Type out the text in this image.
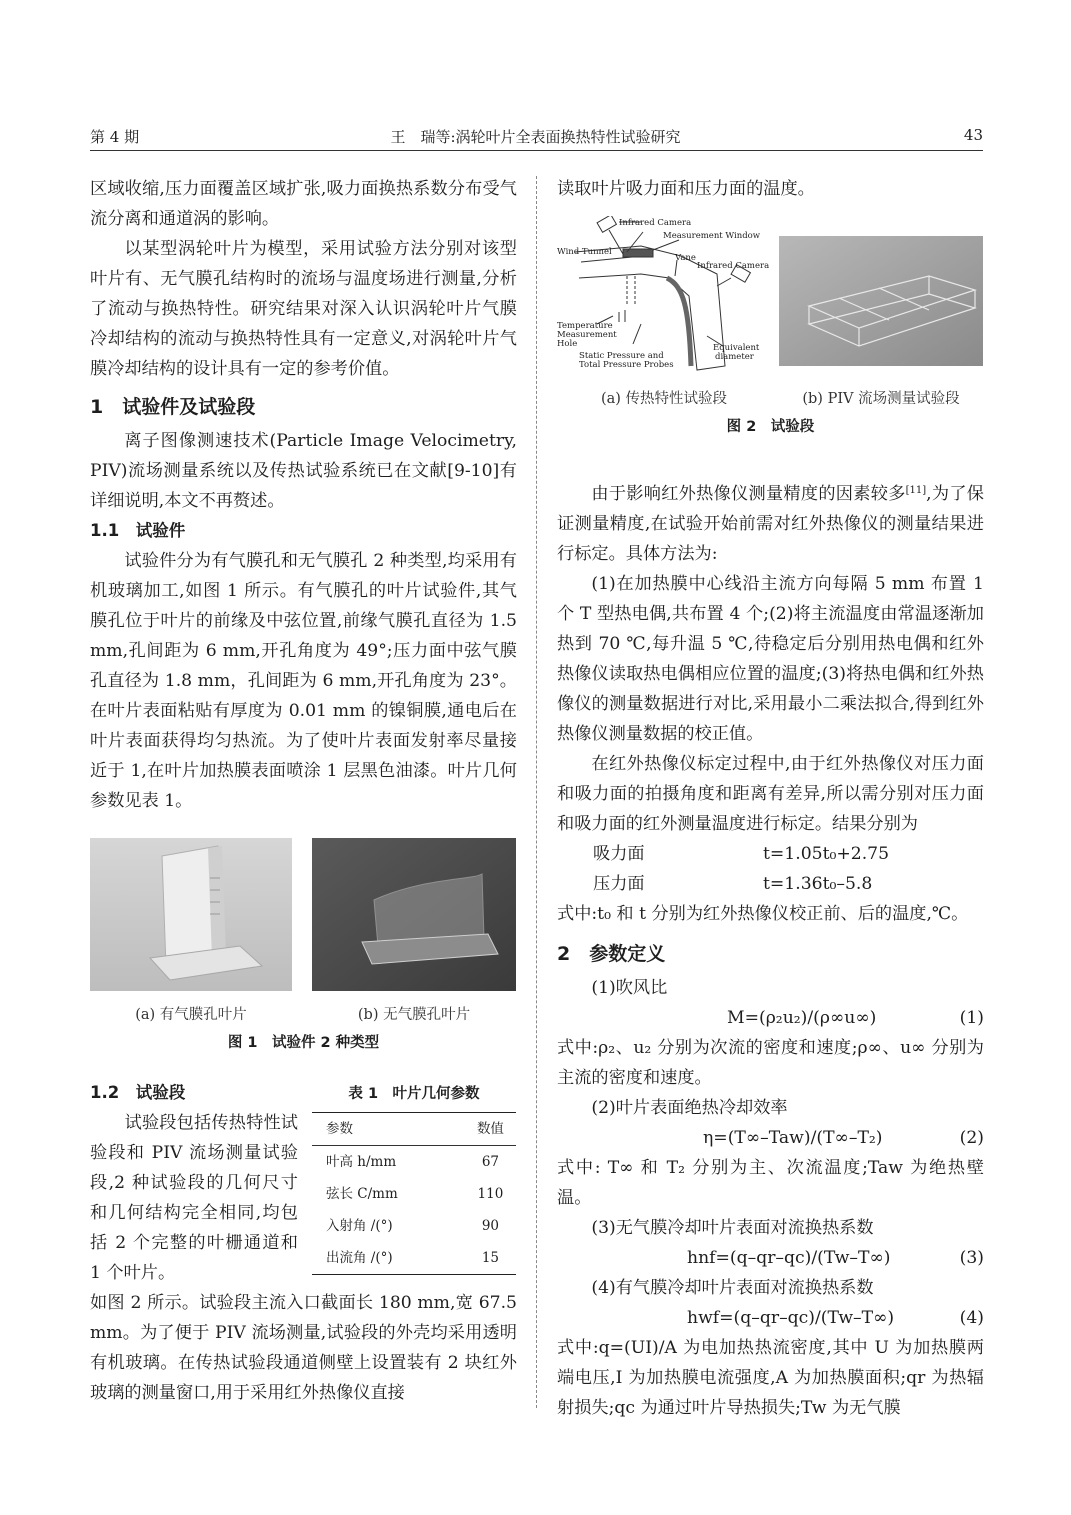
第 4 期	王　瑞等:涡轮叶片全表面换热特性试验研究	43

区域收缩,压力面覆盖区域扩张,吸力面换热系数分布受气流分离和通道涡的影响。

以某型涡轮叶片为模型，采用试验方法分别对该型叶片有、无气膜孔结构时的流场与温度场进行测量,分析了流动与换热特性。研究结果对深入认识涡轮叶片气膜冷却结构的流动与换热特性具有一定意义,对涡轮叶片气膜冷却结构的设计具有一定的参考价值。

1　试验件及试验段

离子图像测速技术(Particle Image Velocimetry, PIV)流场测量系统以及传热试验系统已在文献[9-10]有详细说明,本文不再赘述。

1.1　试验件

试验件分为有气膜孔和无气膜孔 2 种类型,均采用有机玻璃加工,如图 1 所示。有气膜孔的叶片试验件,其气膜孔位于叶片的前缘及中弦位置,前缘气膜孔直径为 1.5 mm,孔间距为 6 mm,开孔角度为 49°;压力面中弦气膜孔直径为 1.8 mm，孔间距为 6 mm,开孔角度为 23°。在叶片表面粘贴有厚度为 0.01 mm 的镍铜膜,通电后在叶片表面获得均匀热流。为了使叶片表面发射率尽量接近于 1,在叶片加热膜表面喷涂 1 层黑色油漆。叶片几何参数见表 1。

(a) 有气膜孔叶片	(b) 无气膜孔叶片
图 1　试验件 2 种类型
1.2　试验段
试验段包括传热特性试验段和 PIV 流场测量试验段,2 种试验段的几何尺寸和几何结构完全相同,均包括 2 个完整的叶栅通道和 1 个叶片。
表 1　叶片几何参数
参数	数值
叶高 h/mm	67
弦长 C/mm	110
入射角 /(°)	90
出流角 /(°)	15

如图 2 所示。试验段主流入口截面长 180 mm,宽 67.5 mm。为了便于 PIV 流场测量,试验段的外壳均采用透明有机玻璃。在传热试验段通道侧壁上设置装有 2 块红外玻璃的测量窗口,用于采用红外热像仪直接

读取叶片吸力面和压力面的温度。

Infrared Camera
Measurement Window
Wind Tunnel
Vane
Infrared Camera
Temperature
Measurement
Hole
Static Pressure and
Total Pressure Probes
Equivalent
diameter
(a) 传热特性试验段	(b) PIV 流场测量试验段
图 2　试验段

由于影响红外热像仪测量精度的因素较多[11],为了保证测量精度,在试验开始前需对红外热像仪的测量结果进行标定。具体方法为:

(1)在加热膜中心线沿主流方向每隔 5 mm 布置 1 个 T 型热电偶,共布置 4 个;(2)将主流温度由常温逐渐加热到 70 ℃,每升温 5 ℃,待稳定后分别用热电偶和红外热像仪读取热电偶相应位置的温度;(3)将热电偶和红外热像仪的测量数据进行对比,采用最小二乘法拟合,得到红外热像仪测量数据的校正值。

在红外热像仪标定过程中,由于红外热像仪对压力面和吸力面的拍摄角度和距离有差异,所以需分别对压力面和吸力面的红外测量温度进行标定。结果分别为

吸力面	t=1.05t₀+2.75
压力面	t=1.36t₀–5.8

式中:t₀ 和 t 分别为红外热像仪校正前、后的温度,℃。

2　参数定义

(1)吹风比

M=(ρ₂u₂)/(ρ∞u∞)	(1)

式中:ρ₂、u₂ 分别为次流的密度和速度;ρ∞、u∞ 分别为主流的密度和速度。

(2)叶片表面绝热冷却效率

η=(T∞–Taw)/(T∞–T₂)	(2)

式中: T∞ 和 T₂ 分别为主、次流温度;Taw 为绝热壁温。

(3)无气膜冷却叶片表面对流换热系数

hnf=(q–qr–qc)/(Tw–T∞)	(3)

(4)有气膜冷却叶片表面对流换热系数

hwf=(q–qr–qc)/(Tw–T∞)	(4)

式中:q=(UI)/A 为电加热热流密度,其中 U 为加热膜两端电压,I 为加热膜电流强度,A 为加热膜面积;qr 为热辐射损失;qc 为通过叶片导热损失;Tw 为无气膜
